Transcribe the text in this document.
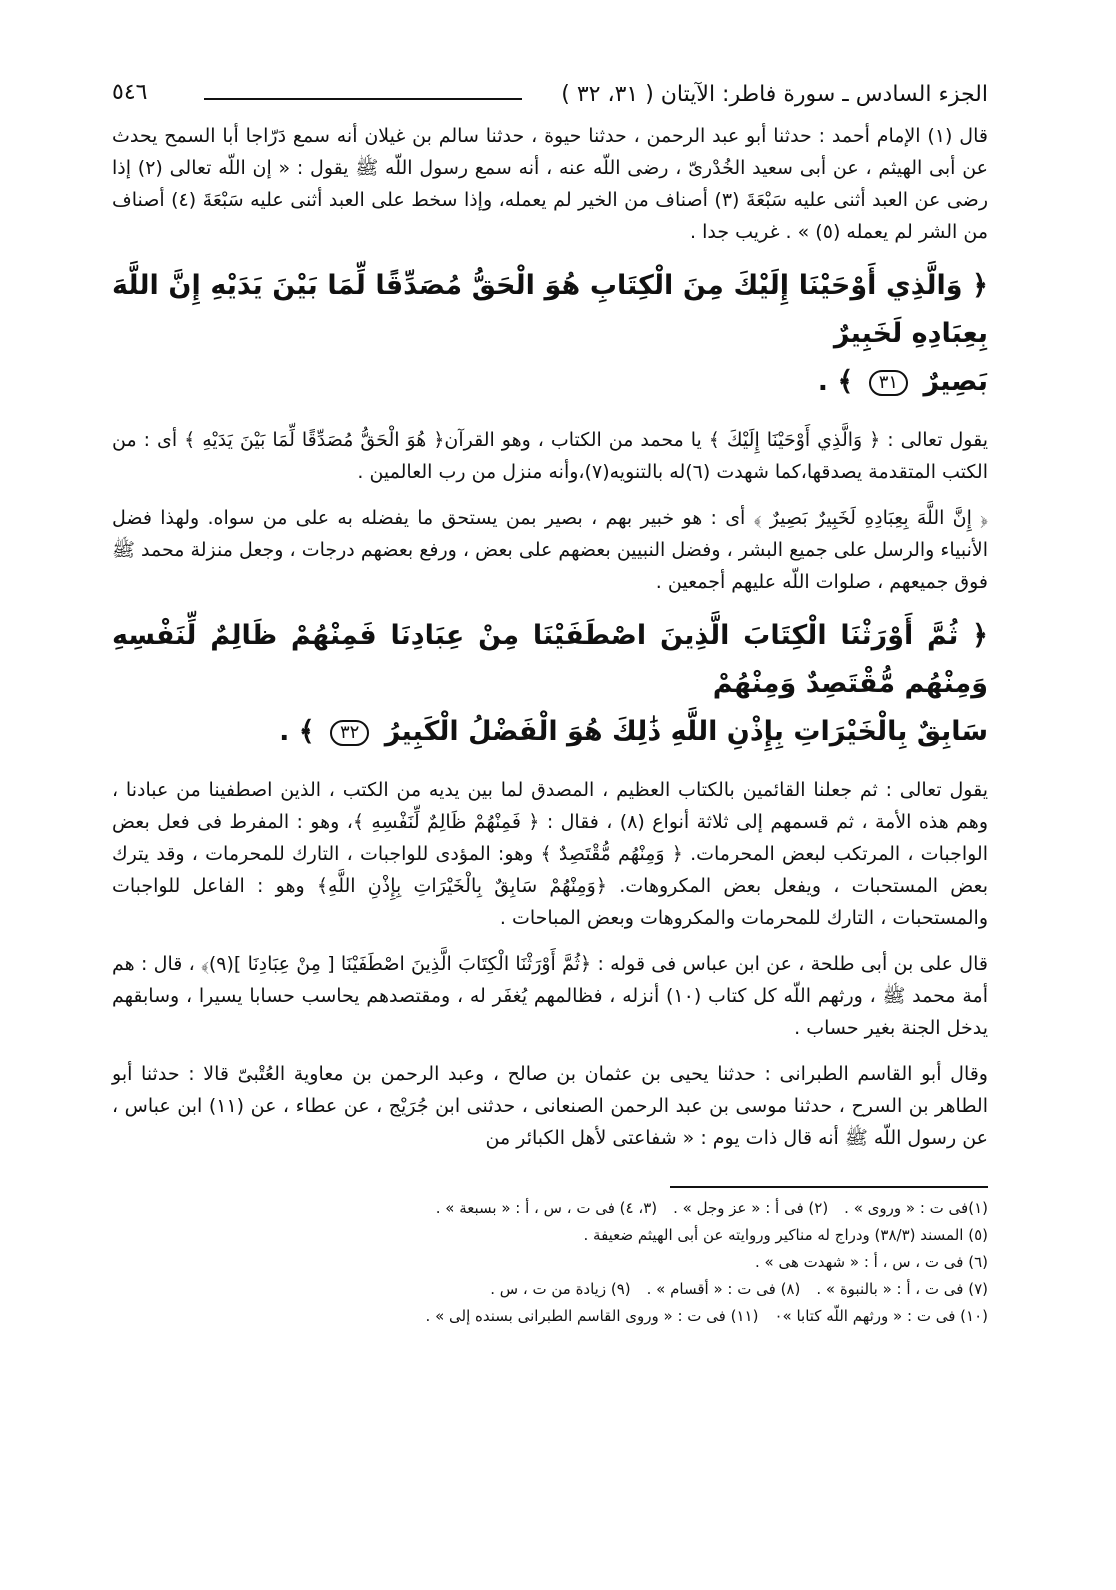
الجزء السادس ـ سورة فاطر: الآيتان ( ٣١، ٣٢ )
٥٤٦

قال (١) الإمام أحمد : حدثنا أبو عبد الرحمن ، حدثنا حيوة ، حدثنا سالم بن غيلان أنه سمع دَرّاجا أبا السمح يحدث عن أبى الهيثم ، عن أبى سعيد الخُدْرىّ ، رضى اللّه عنه ، أنه سمع رسول اللّه ﷺ يقول : « إن اللّه تعالى (٢) إذا رضى عن العبد أثنى عليه سَبْعَةَ (٣) أصناف من الخير لم يعمله، وإذا سخط على العبد أثنى عليه سَبْعَةَ (٤) أصناف من الشر لم يعمله (٥) » . غريب جدا .

﴿ وَالَّذِي أَوْحَيْنَا إِلَيْكَ مِنَ الْكِتَابِ هُوَ الْحَقُّ مُصَدِّقًا لِّمَا بَيْنَ يَدَيْهِ إِنَّ اللَّهَ بِعِبَادِهِ لَخَبِيرٌ
بَصِيرٌ ٣١ ﴾ .

يقول تعالى : ﴿ وَالَّذِي أَوْحَيْنَا إِلَيْكَ ﴾ يا محمد من الكتاب ، وهو القرآن﴿ هُوَ الْحَقُّ مُصَدِّقًا لِّمَا بَيْنَ يَدَيْهِ ﴾ أى : من الكتب المتقدمة يصدقها،كما شهدت (٦)له بالتنويه(٧)،وأنه منزل من رب العالمين .

﴿ إِنَّ اللَّهَ بِعِبَادِهِ لَخَبِيرٌ بَصِيرٌ ﴾ أى : هو خبير بهم ، بصير بمن يستحق ما يفضله به على من سواه. ولهذا فضل الأنبياء والرسل على جميع البشر ، وفضل النبيين بعضهم على بعض ، ورفع بعضهم درجات ، وجعل منزلة محمد ﷺ فوق جميعهم ، صلوات اللّه عليهم أجمعين .

﴿ ثُمَّ أَوْرَثْنَا الْكِتَابَ الَّذِينَ اصْطَفَيْنَا مِنْ عِبَادِنَا فَمِنْهُمْ ظَالِمٌ لِّنَفْسِهِ وَمِنْهُم مُّقْتَصِدٌ وَمِنْهُمْ
سَابِقٌ بِالْخَيْرَاتِ بِإِذْنِ اللَّهِ ذَٰلِكَ هُوَ الْفَضْلُ الْكَبِيرُ ٣٢ ﴾ .

يقول تعالى : ثم جعلنا القائمين بالكتاب العظيم ، المصدق لما بين يديه من الكتب ، الذين اصطفينا من عبادنا ، وهم هذه الأمة ، ثم قسمهم إلى ثلاثة أنواع (٨) ، فقال : ﴿ فَمِنْهُمْ ظَالِمٌ لِّنَفْسِهِ ﴾، وهو : المفرط فى فعل بعض الواجبات ، المرتكب لبعض المحرمات. ﴿ وَمِنْهُم مُّقْتَصِدٌ ﴾ وهو: المؤدى للواجبات ، التارك للمحرمات ، وقد يترك بعض المستحبات ، ويفعل بعض المكروهات. ﴿وَمِنْهُمْ سَابِقٌ بِالْخَيْرَاتِ بِإِذْنِ اللَّهِ﴾ وهو : الفاعل للواجبات والمستحبات ، التارك للمحرمات والمكروهات وبعض المباحات .

قال على بن أبى طلحة ، عن ابن عباس فى قوله : ﴿ثُمَّ أَوْرَثْنَا الْكِتَابَ الَّذِينَ اصْطَفَيْنَا [ مِنْ عِبَادِنَا ](٩)﴾ ، قال : هم أمة محمد ﷺ ، ورثهم اللّه كل كتاب (١٠) أنزله ، فظالمهم يُغفَر له ، ومقتصدهم يحاسب حسابا يسيرا ، وسابقهم يدخل الجنة بغير حساب .

وقال أبو القاسم الطبرانى : حدثنا يحيى بن عثمان بن صالح ، وعبد الرحمن بن معاوية العُتْبىّ قالا : حدثنا أبو الطاهر بن السرح ، حدثنا موسى بن عبد الرحمن الصنعانى ، حدثنى ابن جُرَيْج ، عن عطاء ، عن (١١) ابن عباس ، عن رسول اللّه ﷺ أنه قال ذات يوم : « شفاعتى لأهل الكبائر من

(١)فى ت : « وروى » .
(٢) فى أ : « عز وجل » .
(٣، ٤) فى ت ، س ، أ : « بسبعة » .
(٥) المسند (٣٨/٣) ودراج له مناكير وروايته عن أبى الهيثم ضعيفة .
(٦) فى ت ، س ، أ : « شهدت هى » .
(٧) فى ت ، أ : « بالنبوة » .
(٨) فى ت : « أقسام » .
(٩) زيادة من ت ، س .
(١٠) فى ت : « ورثهم اللّه كتابا »٠
(١١) فى ت : « وروى القاسم الطبرانى بسنده إلى » .
